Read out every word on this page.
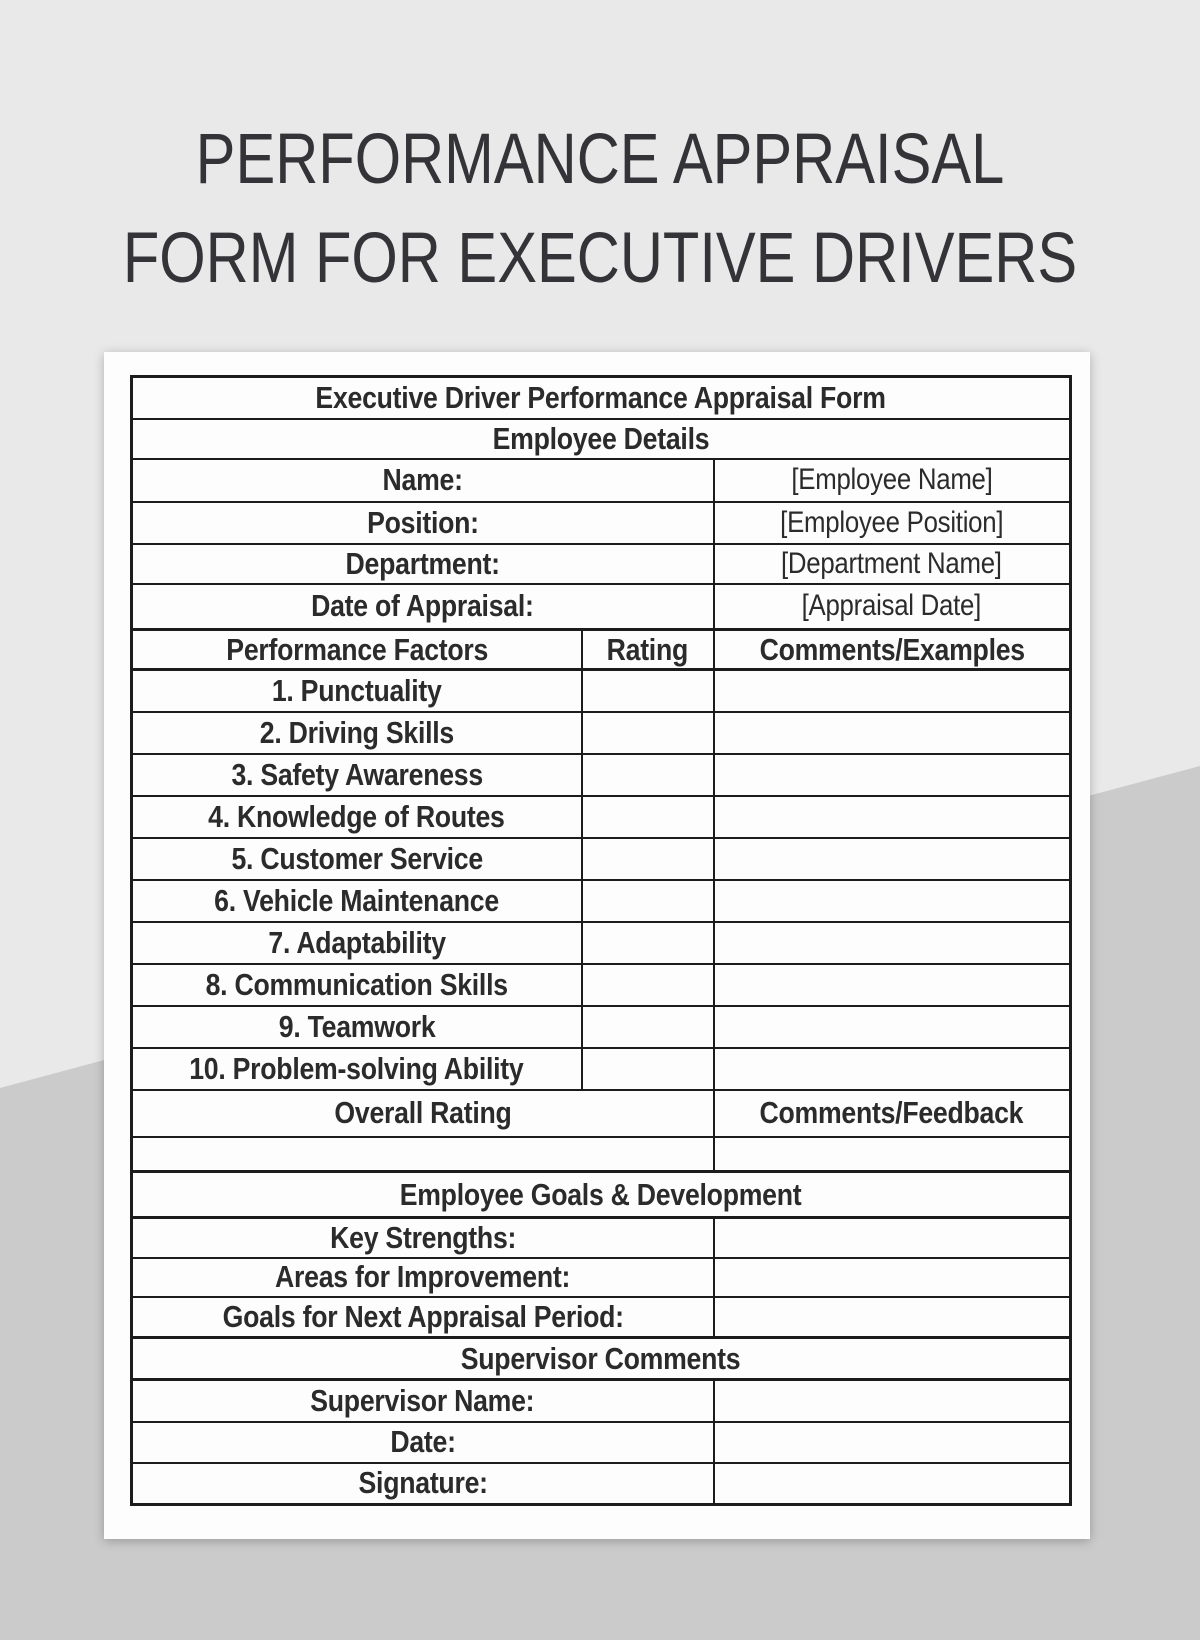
PERFORMANCE APPRAISAL
FORM FOR EXECUTIVE DRIVERS
Executive Driver Performance Appraisal Form		
Employee Details		
Name:		[Employee Name]
Position:		[Employee Position]
Department:		[Department Name]
Date of Appraisal:		[Appraisal Date]
Performance Factors	Rating	Comments/Examples
1. Punctuality		
2. Driving Skills		
3. Safety Awareness		
4. Knowledge of Routes		
5. Customer Service		
6. Vehicle Maintenance		
7. Adaptability		
8. Communication Skills		
9. Teamwork		
10. Problem-solving Ability		
Overall Rating		Comments/Feedback

Employee Goals & Development		
Key Strengths:		
Areas for Improvement:		
Goals for Next Appraisal Period:		
Supervisor Comments		
Supervisor Name:		
Date:		
Signature:		
